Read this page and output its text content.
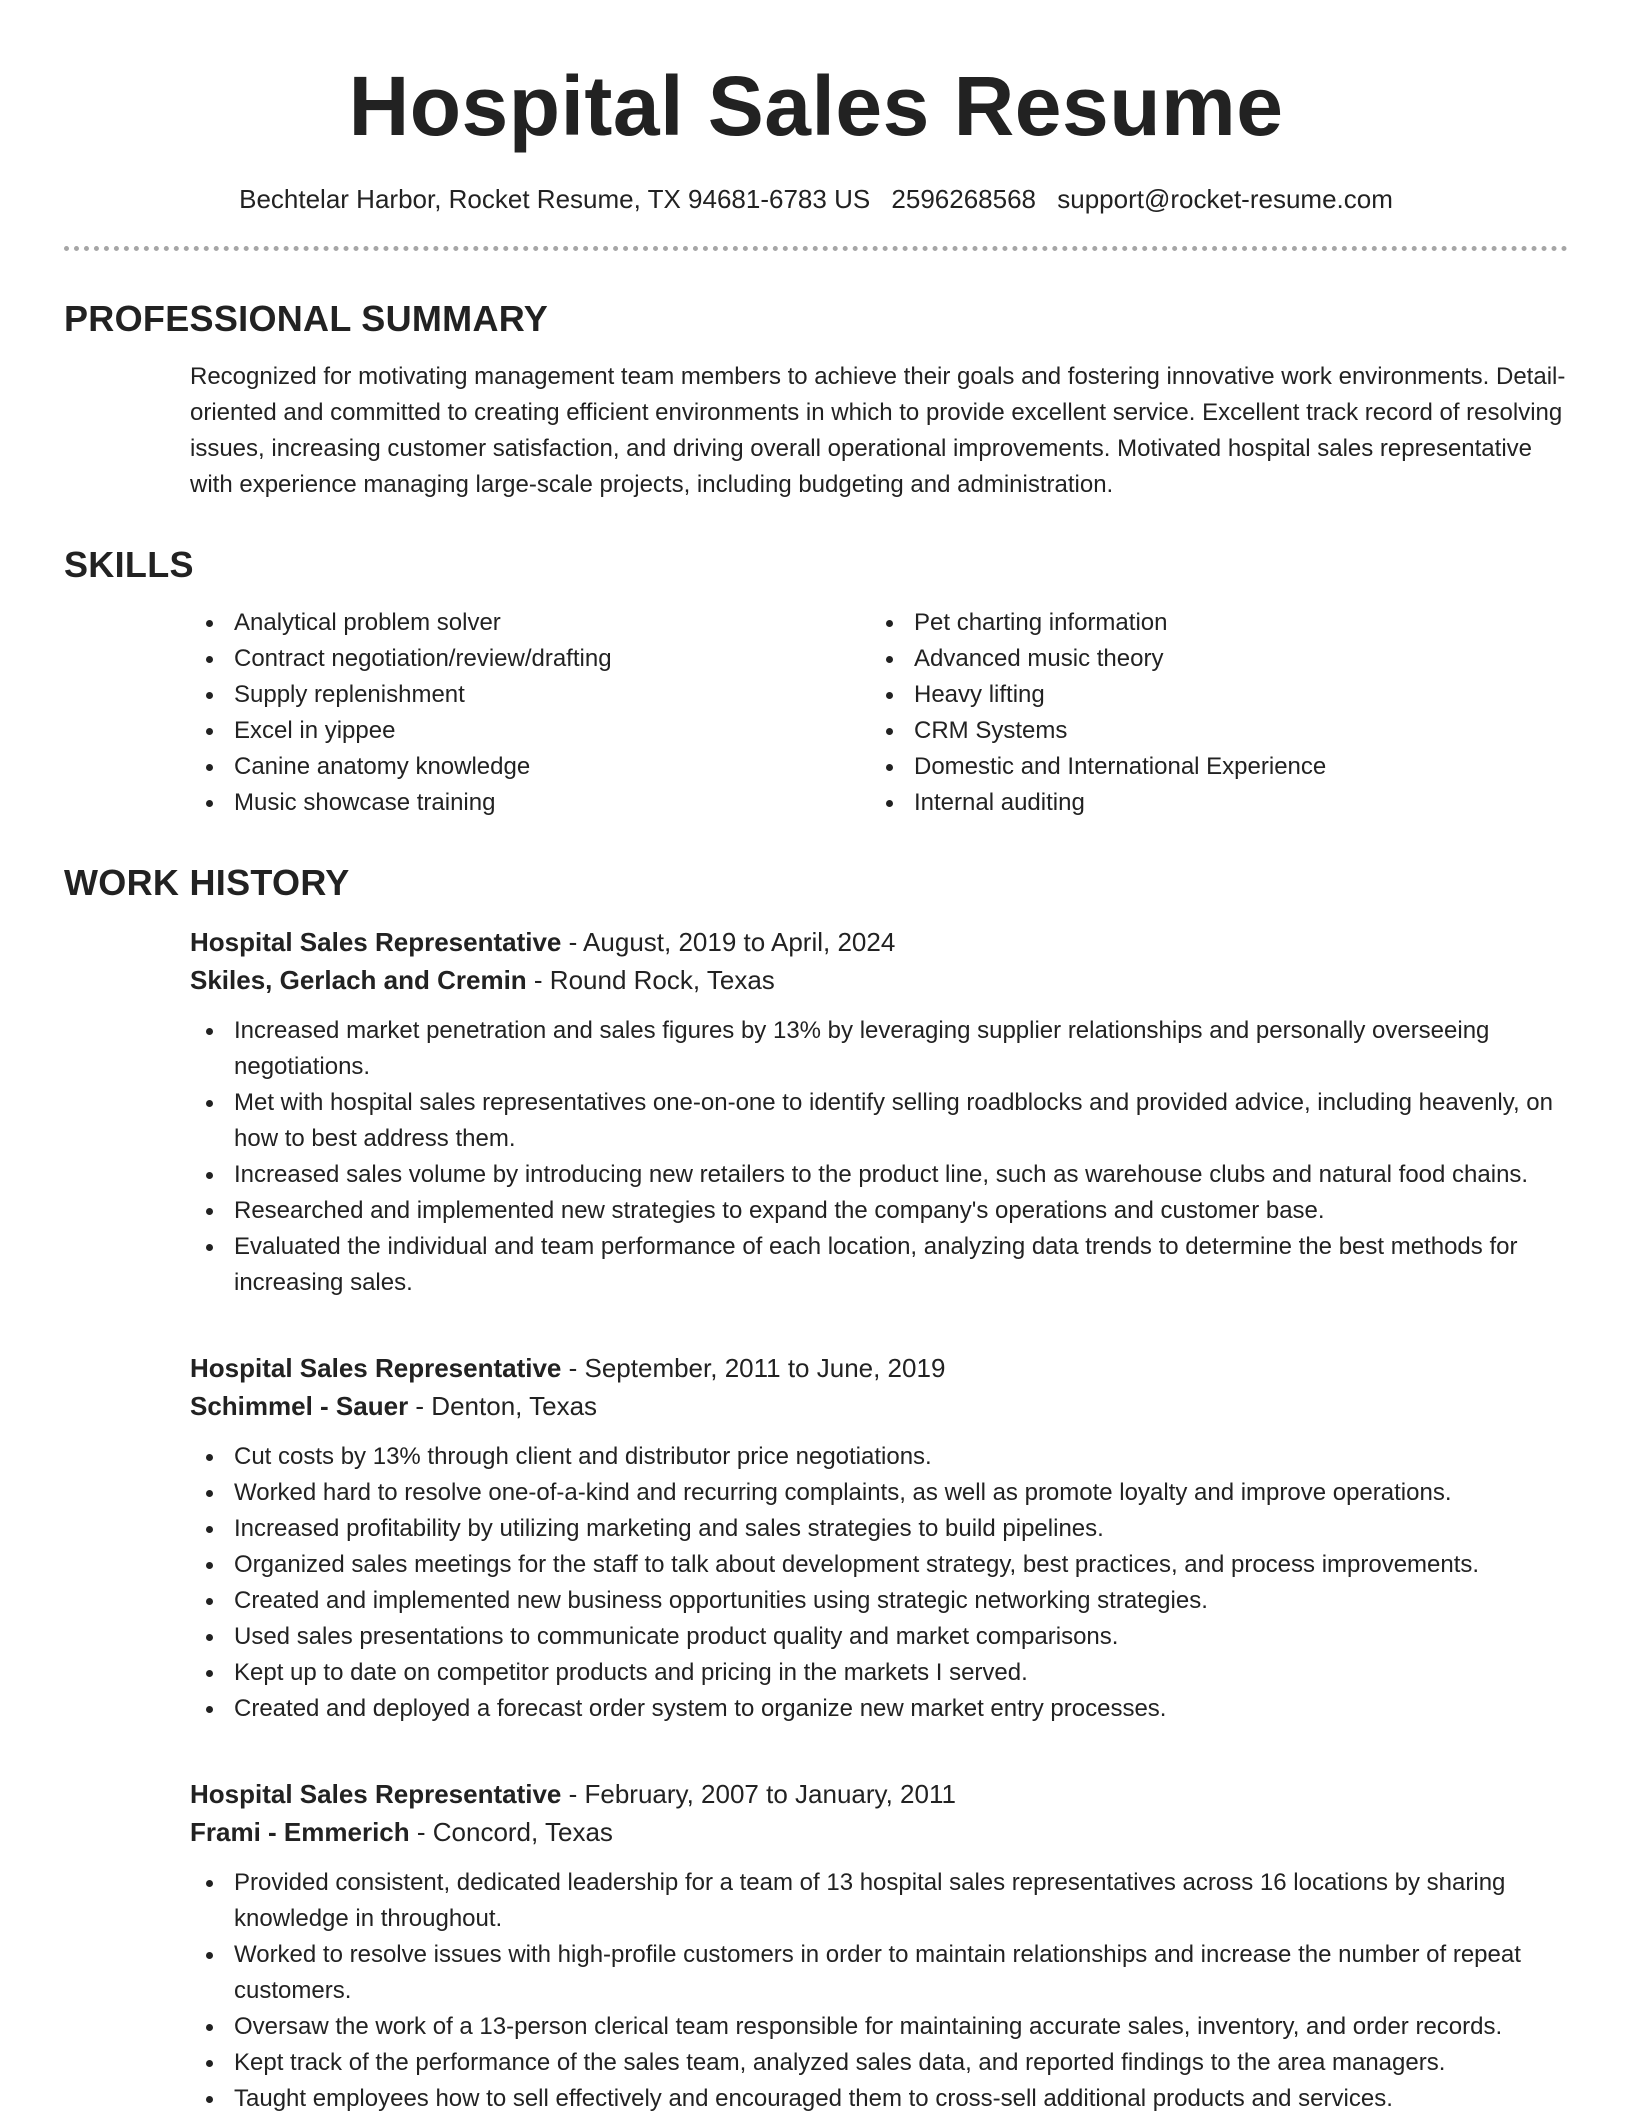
Hospital Sales Resume
Bechtelar Harbor, Rocket Resume, TX 94681-6783 US 2596268568 support@rocket-resume.com
PROFESSIONAL SUMMARY

Recognized for motivating management team members to achieve their goals and fostering innovative work environments. Detail-oriented and committed to creating efficient environments in which to provide excellent service. Excellent track record of resolving issues, increasing customer satisfaction, and driving overall operational improvements. Motivated hospital sales representative with experience managing large-scale projects, including budgeting and administration.

SKILLS
Analytical problem solver
Contract negotiation/review/drafting
Supply replenishment
Excel in yippee
Canine anatomy knowledge
Music showcase training
Pet charting information
Advanced music theory
Heavy lifting
CRM Systems
Domestic and International Experience
Internal auditing
WORK HISTORY
Hospital Sales Representative - August, 2019 to April, 2024
Skiles, Gerlach and Cremin - Round Rock, Texas
Increased market penetration and sales figures by 13% by leveraging supplier relationships and personally overseeing negotiations.
Met with hospital sales representatives one-on-one to identify selling roadblocks and provided advice, including heavenly, on how to best address them.
Increased sales volume by introducing new retailers to the product line, such as warehouse clubs and natural food chains.
Researched and implemented new strategies to expand the company's operations and customer base.
Evaluated the individual and team performance of each location, analyzing data trends to determine the best methods for increasing sales.
Hospital Sales Representative - September, 2011 to June, 2019
Schimmel - Sauer - Denton, Texas
Cut costs by 13% through client and distributor price negotiations.
Worked hard to resolve one-of-a-kind and recurring complaints, as well as promote loyalty and improve operations.
Increased profitability by utilizing marketing and sales strategies to build pipelines.
Organized sales meetings for the staff to talk about development strategy, best practices, and process improvements.
Created and implemented new business opportunities using strategic networking strategies.
Used sales presentations to communicate product quality and market comparisons.
Kept up to date on competitor products and pricing in the markets I served.
Created and deployed a forecast order system to organize new market entry processes.
Hospital Sales Representative - February, 2007 to January, 2011
Frami - Emmerich - Concord, Texas
Provided consistent, dedicated leadership for a team of 13 hospital sales representatives across 16 locations by sharing knowledge in throughout.
Worked to resolve issues with high-profile customers in order to maintain relationships and increase the number of repeat customers.
Oversaw the work of a 13-person clerical team responsible for maintaining accurate sales, inventory, and order records.
Kept track of the performance of the sales team, analyzed sales data, and reported findings to the area managers.
Taught employees how to sell effectively and encouraged them to cross-sell additional products and services.
